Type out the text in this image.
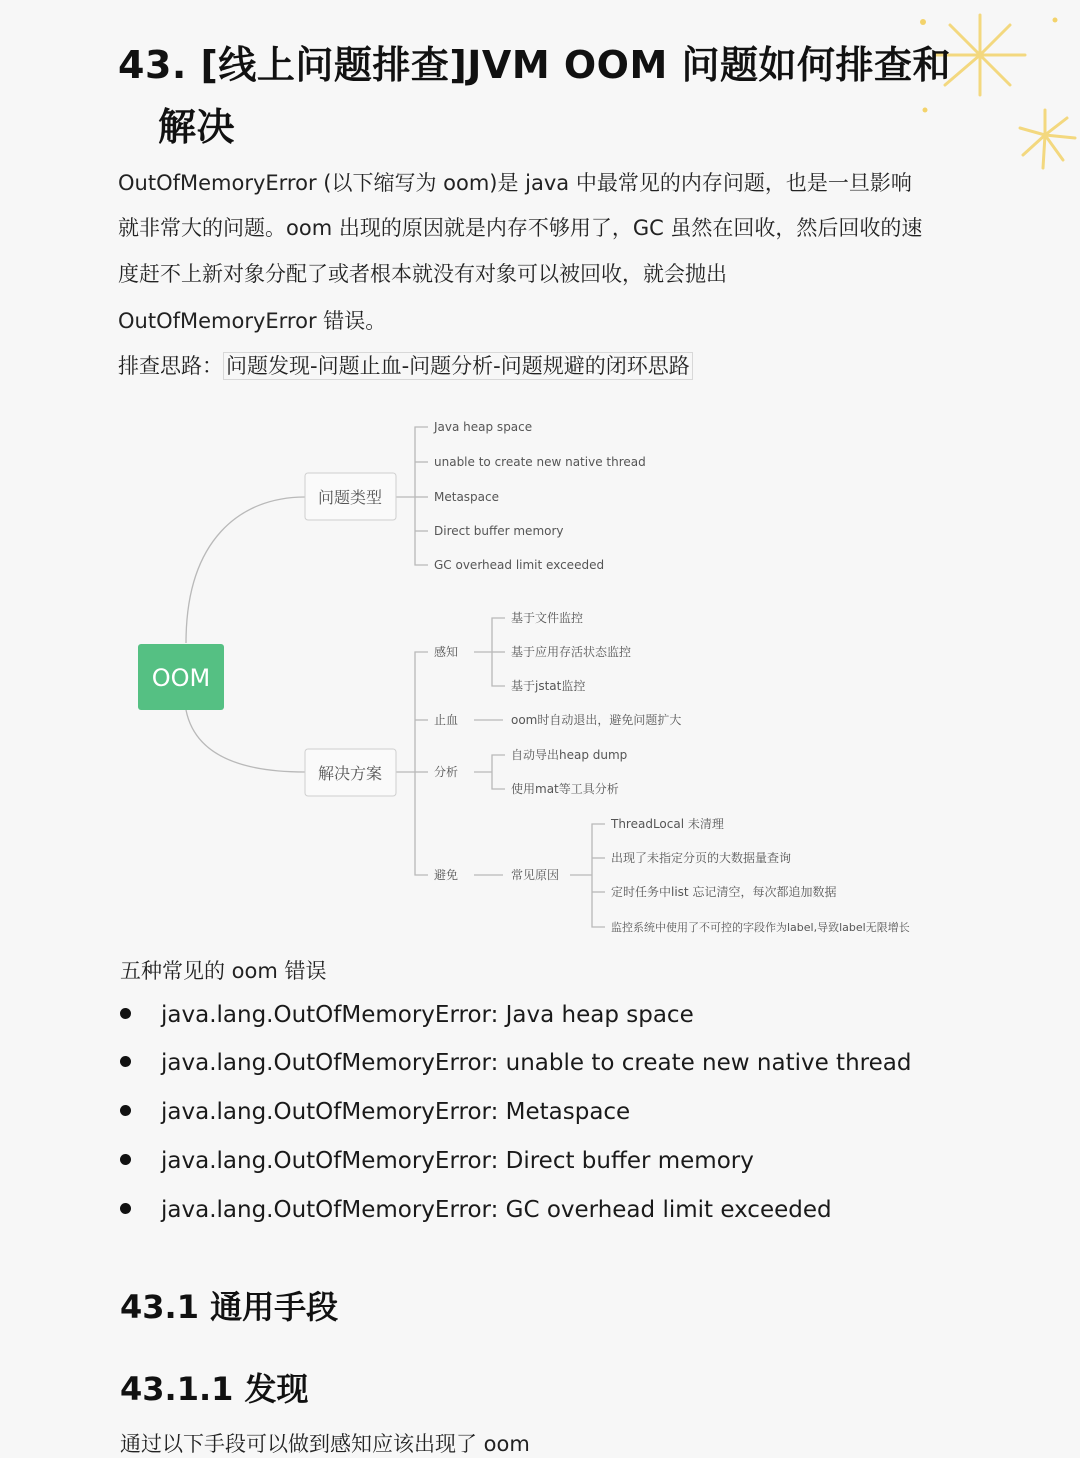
43. [线上问题排查]JVM OOM 问题如何排查和
解决
OutOfMemoryError (以下缩写为 oom)是 java 中最常见的内存问题，也是一旦影响
就非常大的问题。oom 出现的原因就是内存不够用了，GC 虽然在回收，然后回收的速
度赶不上新对象分配了或者根本就没有对象可以被回收，就会抛出
OutOfMemoryError 错误。
排查思路： 问题发现-问题止血-问题分析-问题规避的闭环思路
OOM
问题类型
解决方案
Java heap space
unable to create new native thread
Metaspace
Direct buffer memory
GC overhead limit exceeded
感知
止血
分析
避免
基于文件监控
基于应用存活状态监控
基于jstat监控
oom时自动退出，避免问题扩大
自动导出heap dump
使用mat等工具分析
常见原因
ThreadLocal 未清理
出现了未指定分页的大数据量查询
定时任务中list 忘记清空，每次都追加数据
监控系统中使用了不可控的字段作为label,导致label无限增长
五种常见的 oom 错误
java.lang.OutOfMemoryError: Java heap space
java.lang.OutOfMemoryError: unable to create new native thread
java.lang.OutOfMemoryError: Metaspace
java.lang.OutOfMemoryError: Direct buffer memory
java.lang.OutOfMemoryError: GC overhead limit exceeded
43.1 通用手段
43.1.1 发现
通过以下手段可以做到感知应该出现了 oom
